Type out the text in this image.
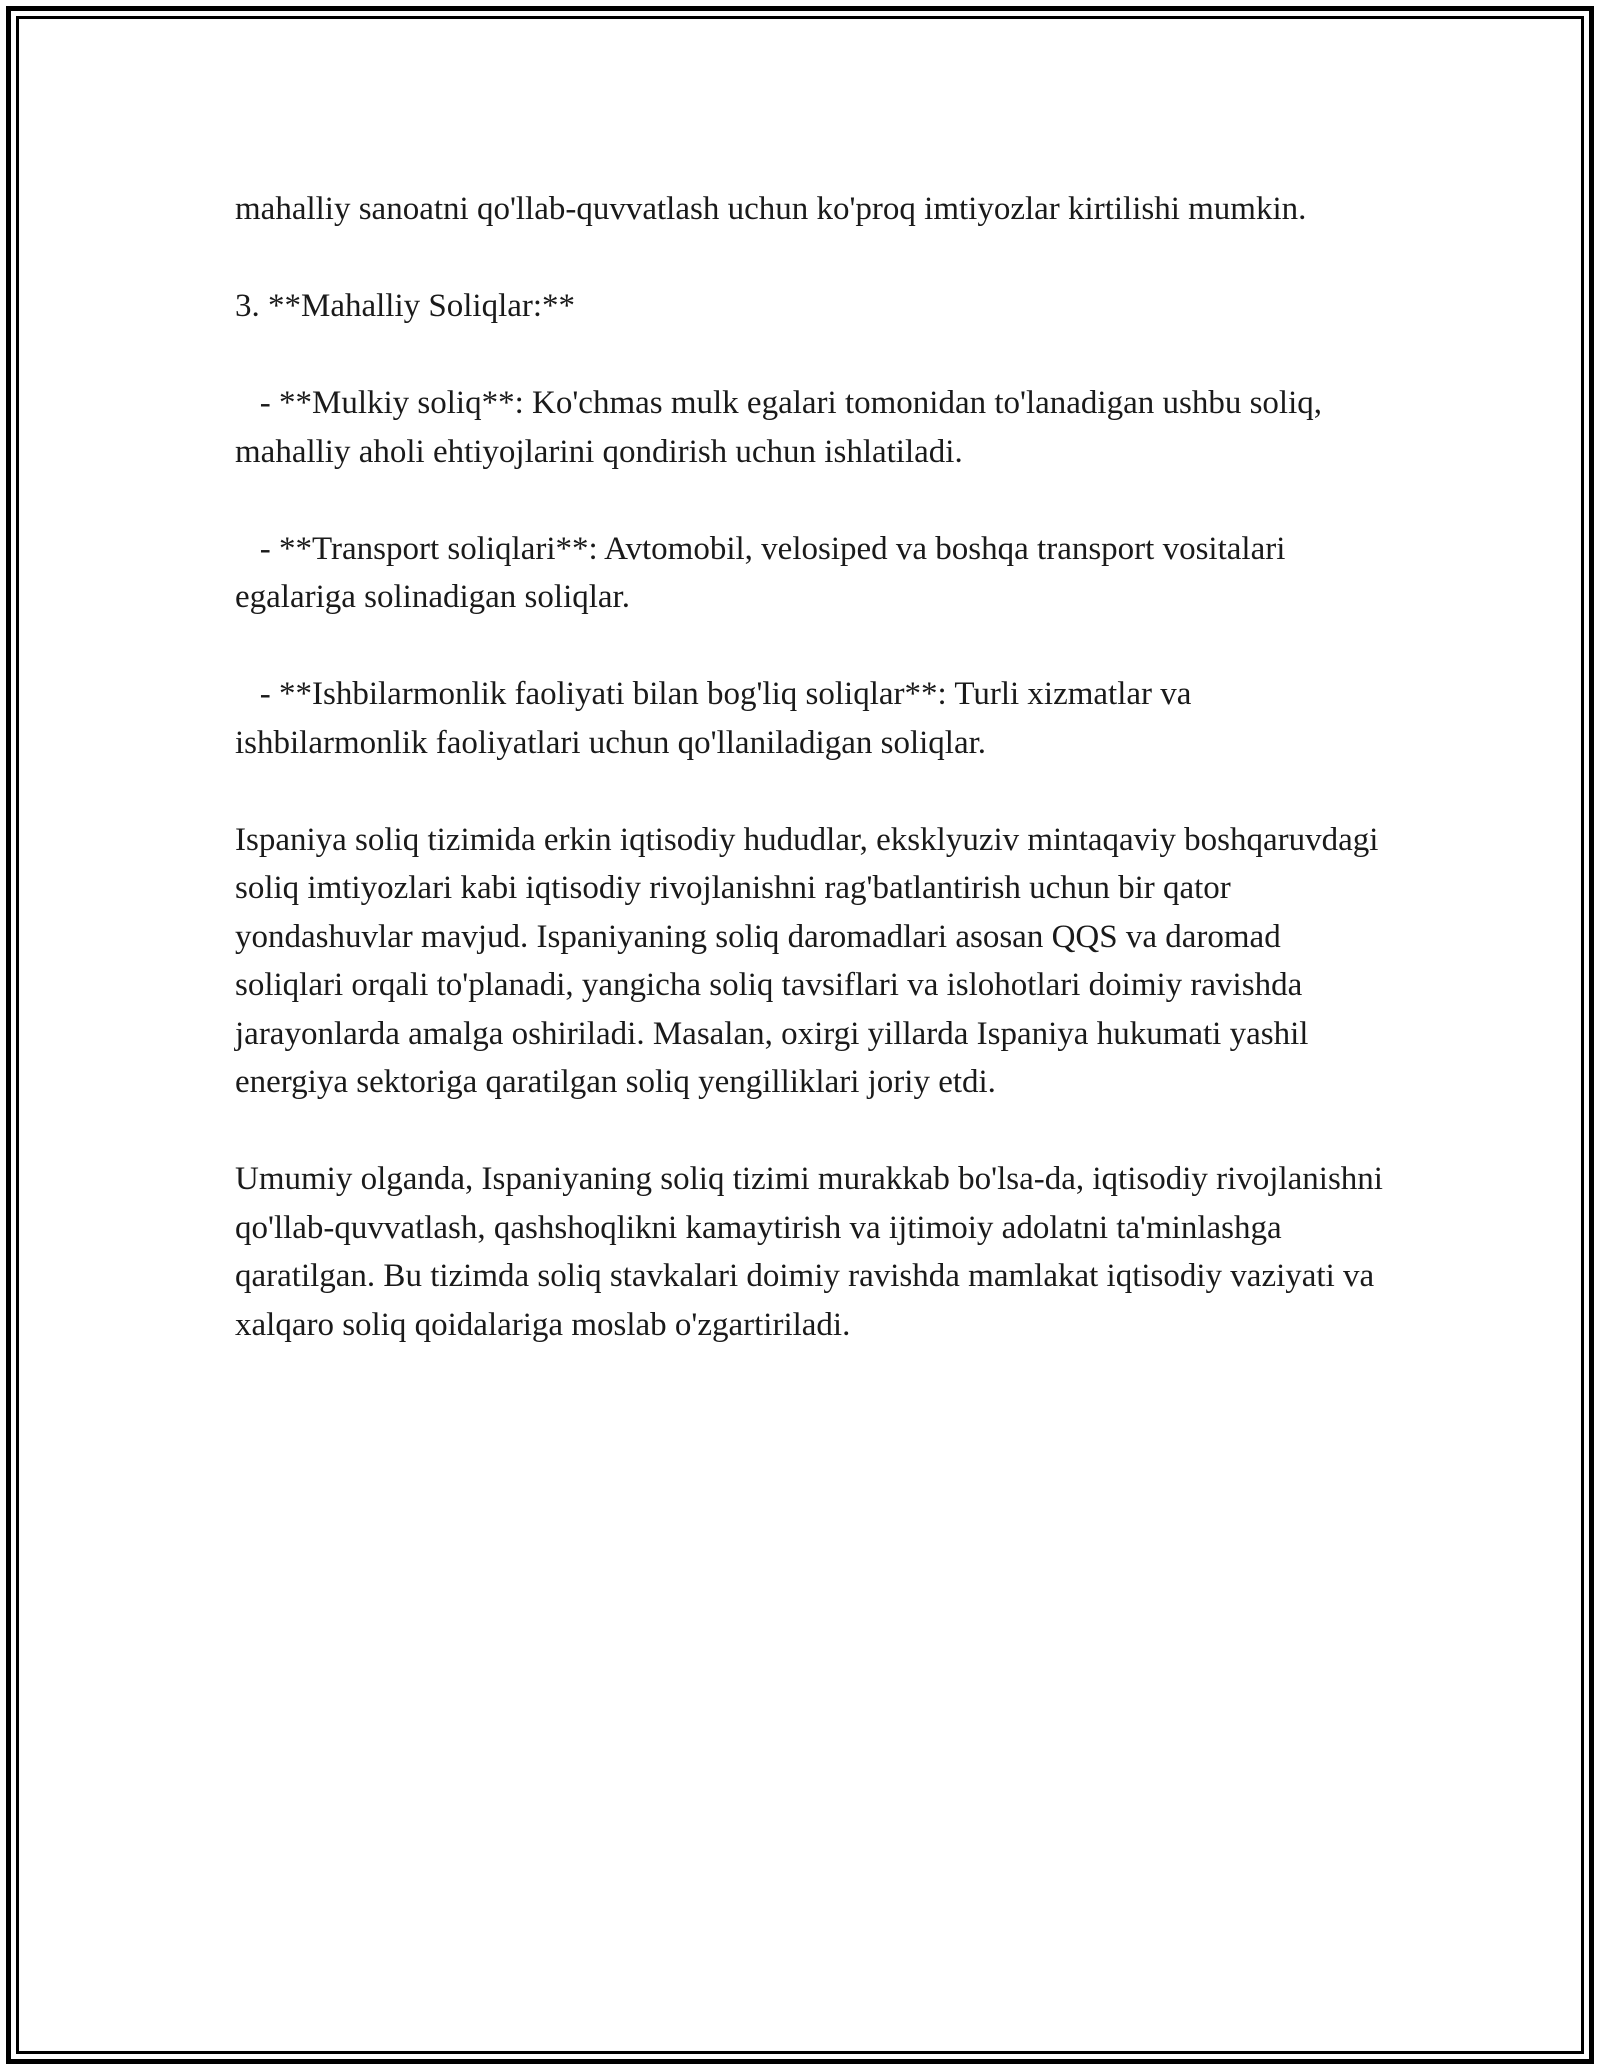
mahalliy sanoatni qo'llab-quvvatlash uchun ko'proq imtiyozlar kirtilishi mumkin.

3. **Mahalliy Soliqlar:**

- **Mulkiy soliq**: Ko'chmas mulk egalari tomonidan to'lanadigan ushbu soliq, mahalliy aholi ehtiyojlarini qondirish uchun ishlatiladi.

- **Transport soliqlari**: Avtomobil, velosiped va boshqa transport vositalari egalariga solinadigan soliqlar.

- **Ishbilarmonlik faoliyati bilan bog'liq soliqlar**: Turli xizmatlar va ishbilarmonlik faoliyatlari uchun qo'llaniladigan soliqlar.

Ispaniya soliq tizimida erkin iqtisodiy hududlar, eksklyuziv mintaqaviy boshqaruvdagi soliq imtiyozlari kabi iqtisodiy rivojlanishni rag'batlantirish uchun bir qator yondashuvlar mavjud. Ispaniyaning soliq daromadlari asosan QQS va daromad soliqlari orqali to'planadi, yangicha soliq tavsiflari va islohotlari doimiy ravishda jarayonlarda amalga oshiriladi. Masalan, oxirgi yillarda Ispaniya hukumati yashil energiya sektoriga qaratilgan soliq yengilliklari joriy etdi.

Umumiy olganda, Ispaniyaning soliq tizimi murakkab bo'lsa-da, iqtisodiy rivojlanishni qo'llab-quvvatlash, qashshoqlikni kamaytirish va ijtimoiy adolatni ta'minlashga qaratilgan. Bu tizimda soliq stavkalari doimiy ravishda mamlakat iqtisodiy vaziyati va xalqaro soliq qoidalariga moslab o'zgartiriladi.
